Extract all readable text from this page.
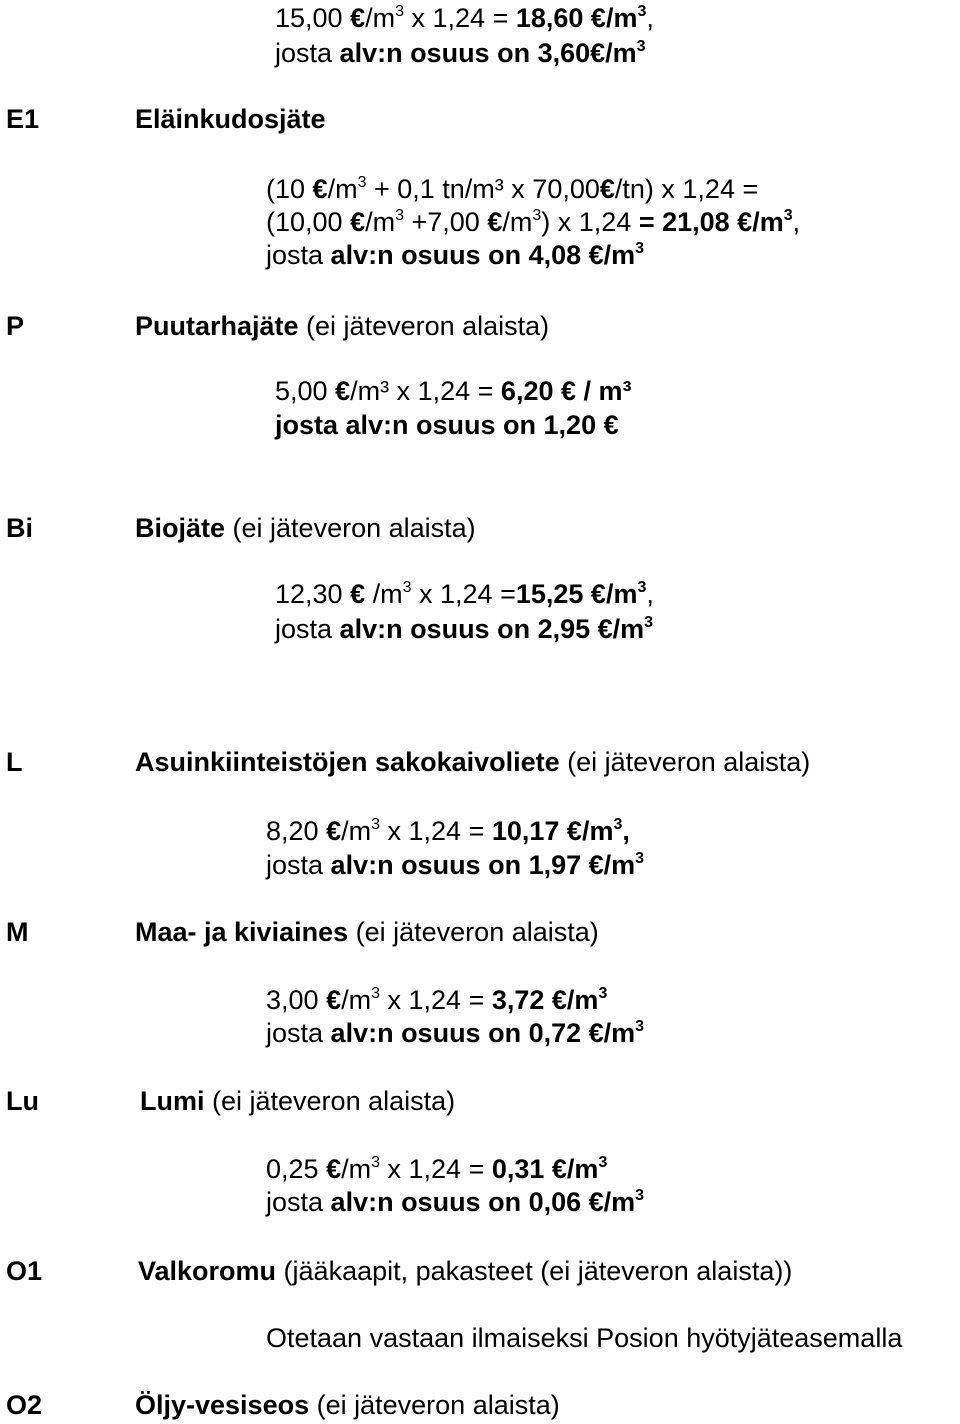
15,00 $€/m^3$ x 1,24 = 18,60 $€/m^3$,
josta alv:n osuus on $3,60€/m^3$
E1	Eläinkudosjäte
(10 $€/m^3 + 0,1$ tn/m³ x 70,00€/tn) x 1,24 =
(10,00 $€/m^3 +7,00$ $€/m^3$) x 1,24 = 21,08 $€/m^3$,
josta alv:n osuus on 4,08 $€/m^3$
P	Puutarhajäte (ei jäteveron alaista)
5,00 €/m³ x 1,24 = 6,20 € / m³
josta alv:n osuus on 1,20 €
Bi	Biojäte (ei jäteveron alaista)
12,30 € $/m^3$ x 1,24 =15,25 $€/m^3$,
josta alv:n osuus on 2,95 $€/m^3$
L	Asuinkiinteistöjen sakokaivoliete (ei jäteveron alaista)
8,20 $€/m^3$ x 1,24 = 10,17 $€/m^3$,
josta alv:n osuus on 1,97 $€/m^3$
M	Maa- ja kiviaines (ei jäteveron alaista)
3,00 $€/m^3$ x 1,24 = 3,72 $€/m^3$
josta alv:n osuus on 0,72 $€/m^3$
Lu	Lumi (ei jäteveron alaista)
0,25 $€/m^3$ x 1,24 = 0,31 $€/m^3$
josta alv:n osuus on 0,06 $€/m^3$
O1	Valkoromu (jääkaapit, pakasteet (ei jäteveron alaista))
Otetaan vastaan ilmaiseksi Posion hyötyjäteasemalla
O2	Öljy-vesiseos (ei jäteveron alaista)
